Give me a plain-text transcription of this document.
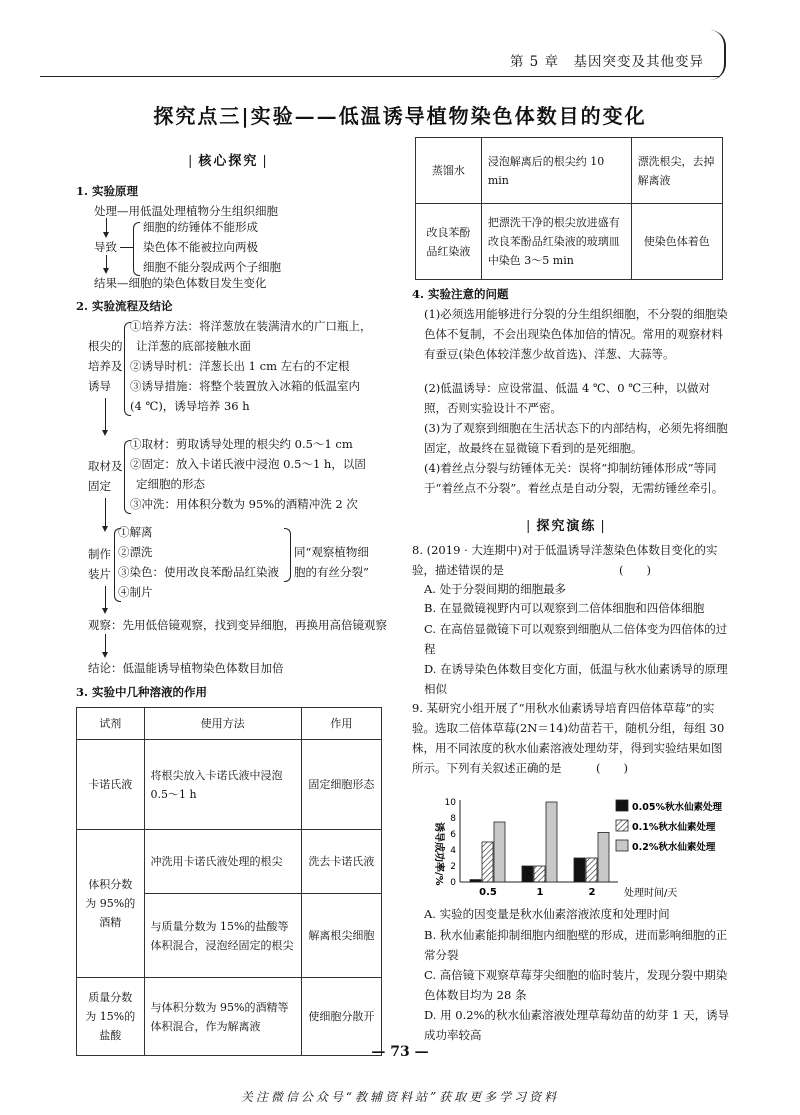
第 5 章　基因突变及其他变异
探究点三|实验——低温诱导植物染色体数目的变化
| 核心探究 |
1. 实验原理
处理—用低温处理植物分生组织细胞
细胞的纺锤体不能形成
导致 染色体不能被拉向两极
细胞不能分裂成两个子细胞
结果—细胞的染色体数目发生变化
2. 实验流程及结论
根尖的
培养及
诱导
①培养方法：将洋葱放在装满清水的广口瓶上，
让洋葱的底部接触水面
②诱导时机：洋葱长出 1 cm 左右的不定根
③诱导措施：将整个装置放入冰箱的低温室内
(4 ℃)，诱导培养 36 h
取材及
固定
①取材：剪取诱导处理的根尖约 0.5～1 cm
②固定：放入卡诺氏液中浸泡 0.5～1 h，以固
定细胞的形态
③冲洗：用体积分数为 95%的酒精冲洗 2 次
制作
装片
①解离
②漂洗
③染色：使用改良苯酚品红染液
④制片
同“观察植物细
胞的有丝分裂”
观察：先用低倍镜观察，找到变异细胞，再换用高倍镜观察
结论：低温能诱导植物染色体数目加倍
3. 实验中几种溶液的作用
试剂	使用方法	作用
卡诺氏液	将根尖放入卡诺氏液中浸泡 0.5～1 h	固定细胞形态
体积分数为 95%的酒精	冲洗用卡诺氏液处理的根尖	洗去卡诺氏液
	与质量分数为 15%的盐酸等体积混合，浸泡经固定的根尖	解离根尖细胞
质量分数为 15%的盐酸	与体积分数为 95%的酒精等体积混合，作为解离液	使细胞分散开
蒸馏水	浸泡解离后的根尖约 10 min	漂洗根尖，去掉解离液
改良苯酚品红染液	把漂洗干净的根尖放进盛有改良苯酚品红染液的玻璃皿中染色 3～5 min	使染色体着色
4. 实验注意的问题
(1)必须选用能够进行分裂的分生组织细胞，不分裂的细胞染色体不复制，不会出现染色体加倍的情况。常用的观察材料有蚕豆(染色体较洋葱少故首选)、洋葱、大蒜等。
(2)低温诱导：应设常温、低温 4 ℃、0 ℃三种，以做对照，否则实验设计不严密。
(3)为了观察到细胞在生活状态下的内部结构，必须先将细胞固定，故最终在显微镜下看到的是死细胞。
(4)着丝点分裂与纺锤体无关：误将“抑制纺锤体形成”等同于“着丝点不分裂”。着丝点是自动分裂，无需纺锤丝牵引。
| 探究演练 |
8. (2019 · 大连期中)对于低温诱导洋葱染色体数目变化的实验，描述错误的是　　　　　　　　　　(　　)
A. 处于分裂间期的细胞最多
B. 在显微镜视野内可以观察到二倍体细胞和四倍体细胞
C. 在高倍显微镜下可以观察到细胞从二倍体变为四倍体的过程
D. 在诱导染色体数目变化方面，低温与秋水仙素诱导的原理相似
9. 某研究小组开展了“用秋水仙素诱导培育四倍体草莓”的实验。选取二倍体草莓(2N＝14)幼苗若干，随机分组，每组 30 株，用不同浓度的秋水仙素溶液处理幼芽，得到实验结果如图所示。下列有关叙述正确的是　　　(　　)
诱导成功率/% 0
2
4
6
8
10
0.5	1	2	处理时间/天
0.05%秋水仙素处理
0.1%秋水仙素处理
0.2%秋水仙素处理
A. 实验的因变量是秋水仙素溶液浓度和处理时间
B. 秋水仙素能抑制细胞内细胞壁的形成，进而影响细胞的正常分裂
C. 高倍镜下观察草莓芽尖细胞的临时装片，发现分裂中期染色体数目均为 28 条
D. 用 0.2%的秋水仙素溶液处理草莓幼苗的幼芽 1 天，诱导成功率较高
— 73 —
关注微信公众号“教辅资料站”获取更多学习资料
